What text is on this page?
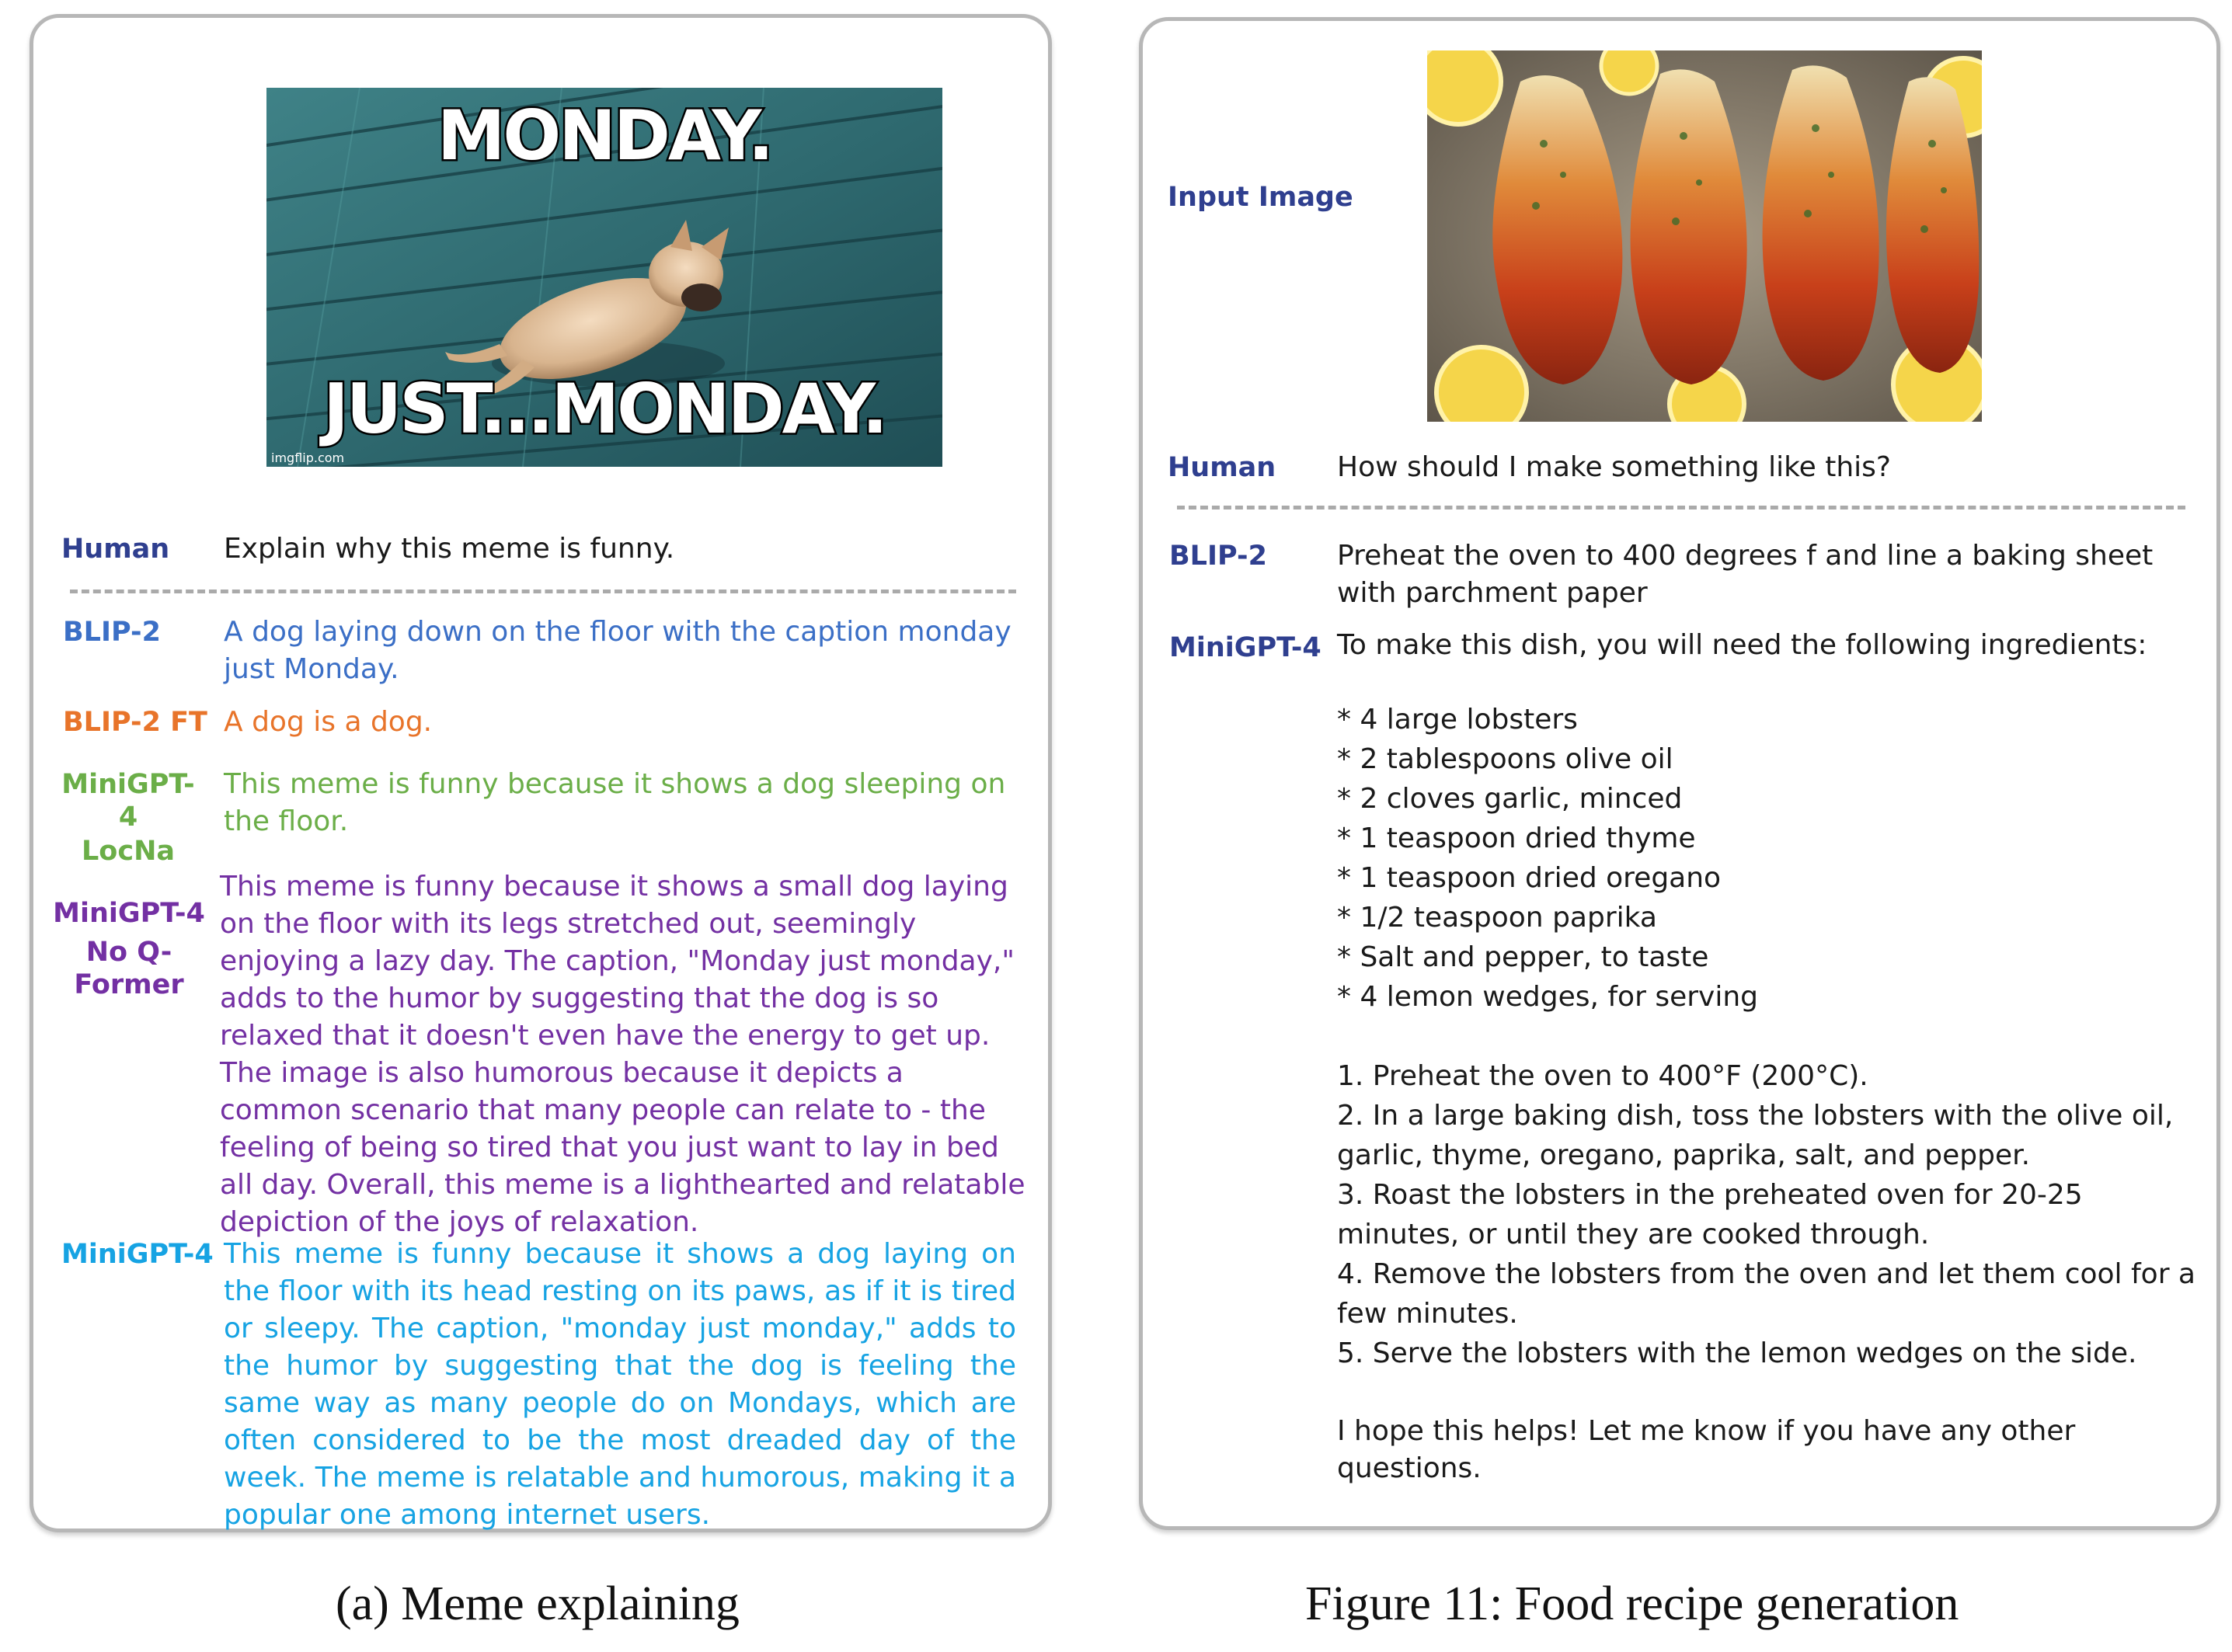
MONDAY.
JUST...MONDAY.
imgflip.com

Human Explain why this meme is funny.

BLIP-2 A dog laying down on the floor with the caption monday just Monday.

BLIP-2 FT A dog is a dog.

MiniGPT-4

LocNa

This meme is funny because it shows a dog sleeping on the floor.

MiniGPT-4

No Q-Former

This meme is funny because it shows a small dog laying on the floor with its legs stretched out, seemingly enjoying a lazy day. The caption, "Monday just monday," adds to the humor by suggesting that the dog is so relaxed that it doesn't even have the energy to get up. The image is also humorous because it depicts a common scenario that many people can relate to - the feeling of being so tired that you just want to lay in bed all day. Overall, this meme is a lighthearted and relatable depiction of the joys of relaxation.

MiniGPT-4 This meme is funny because it shows a dog laying on the floor with its head resting on its paws, as if it is tired or sleepy. The caption, "monday just monday," adds to the humor by suggesting that the dog is feeling the same way as many people do on Mondays, which are often considered to be the most dreaded day of the week. The meme is relatable and humorous, making it a popular one among internet users.

Input Image

Human How should I make something like this?

BLIP-2	Preheat the oven to 400 degrees f and line a baking sheet with parchment paper

MiniGPT-4 To make this dish, you will need the following ingredients:

* 4 large lobsters
* 2 tablespoons olive oil
* 2 cloves garlic, minced
* 1 teaspoon dried thyme
* 1 teaspoon dried oregano
* 1/2 teaspoon paprika
* Salt and pepper, to taste
* 4 lemon wedges, for serving
1. Preheat the oven to 400°F (200°C).
2. In a large baking dish, toss the lobsters with the olive oil, garlic, thyme, oregano, paprika, salt, and pepper.
3. Roast the lobsters in the preheated oven for 20-25 minutes, or until they are cooked through.
4. Remove the lobsters from the oven and let them cool for a few minutes.
5. Serve the lobsters with the lemon wedges on the side.

I hope this helps! Let me know if you have any other questions.

(a) Meme explaining	Figure 11: Food recipe generation
